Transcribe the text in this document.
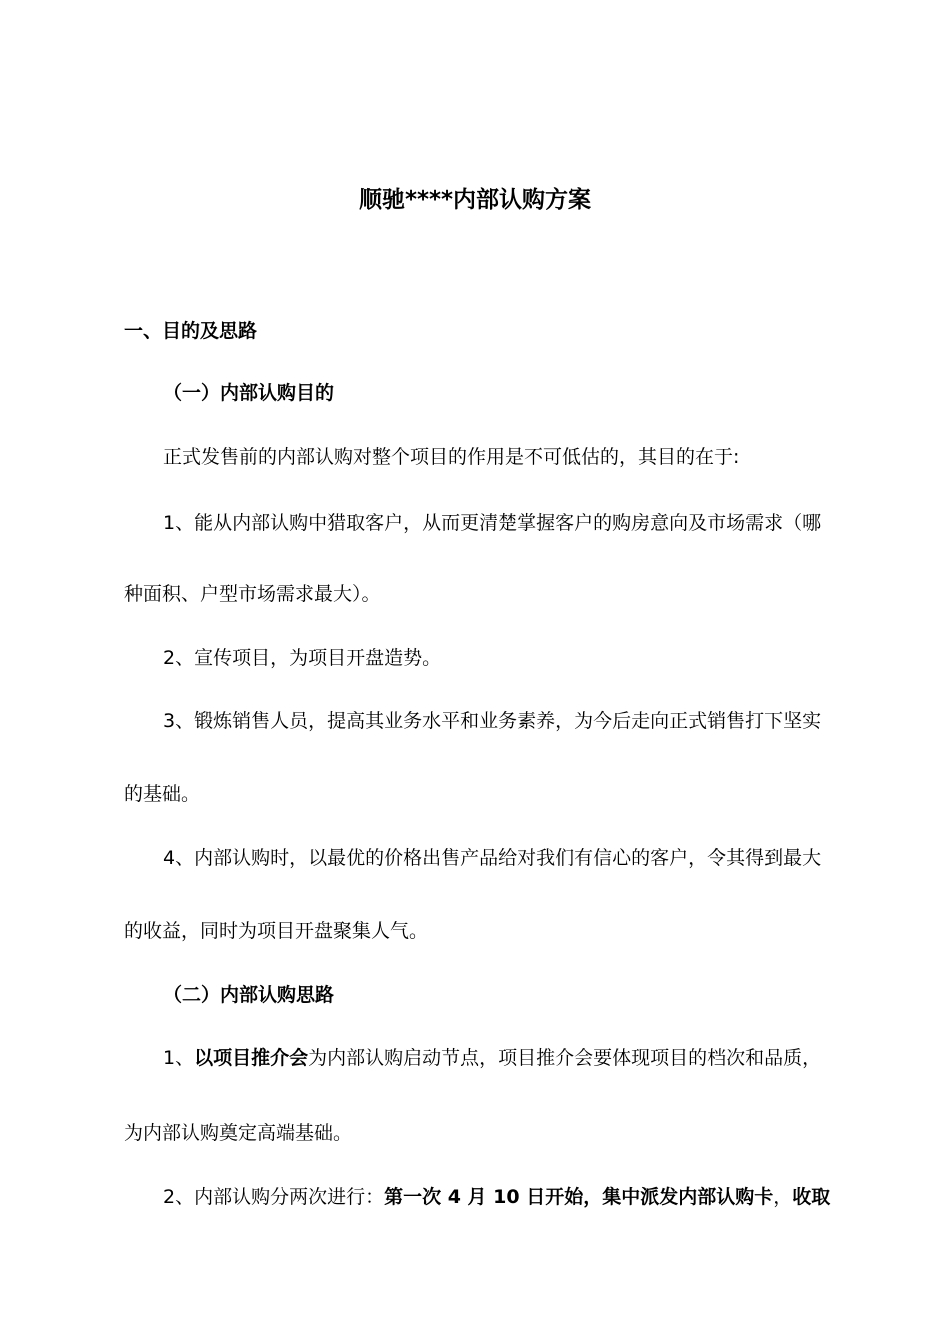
顺驰****内部认购方案
一、目的及思路
（一）内部认购目的
正式发售前的内部认购对整个项目的作用是不可低估的，其目的在于:
1、能从内部认购中猎取客户，从而更清楚掌握客户的购房意向及市场需求（哪
种面积、户型市场需求最大）。
2、宣传项目，为项目开盘造势。
3、锻炼销售人员，提高其业务水平和业务素养，为今后走向正式销售打下坚实
的基础。
4、内部认购时，以最优的价格出售产品给对我们有信心的客户，令其得到最大
的收益，同时为项目开盘聚集人气。
（二）内部认购思路
1、以项目推介会为内部认购启动节点，项目推介会要体现项目的档次和品质，
为内部认购奠定高端基础。
2、内部认购分两次进行：第一次 4 月 10 日开始，集中派发内部认购卡，收取
